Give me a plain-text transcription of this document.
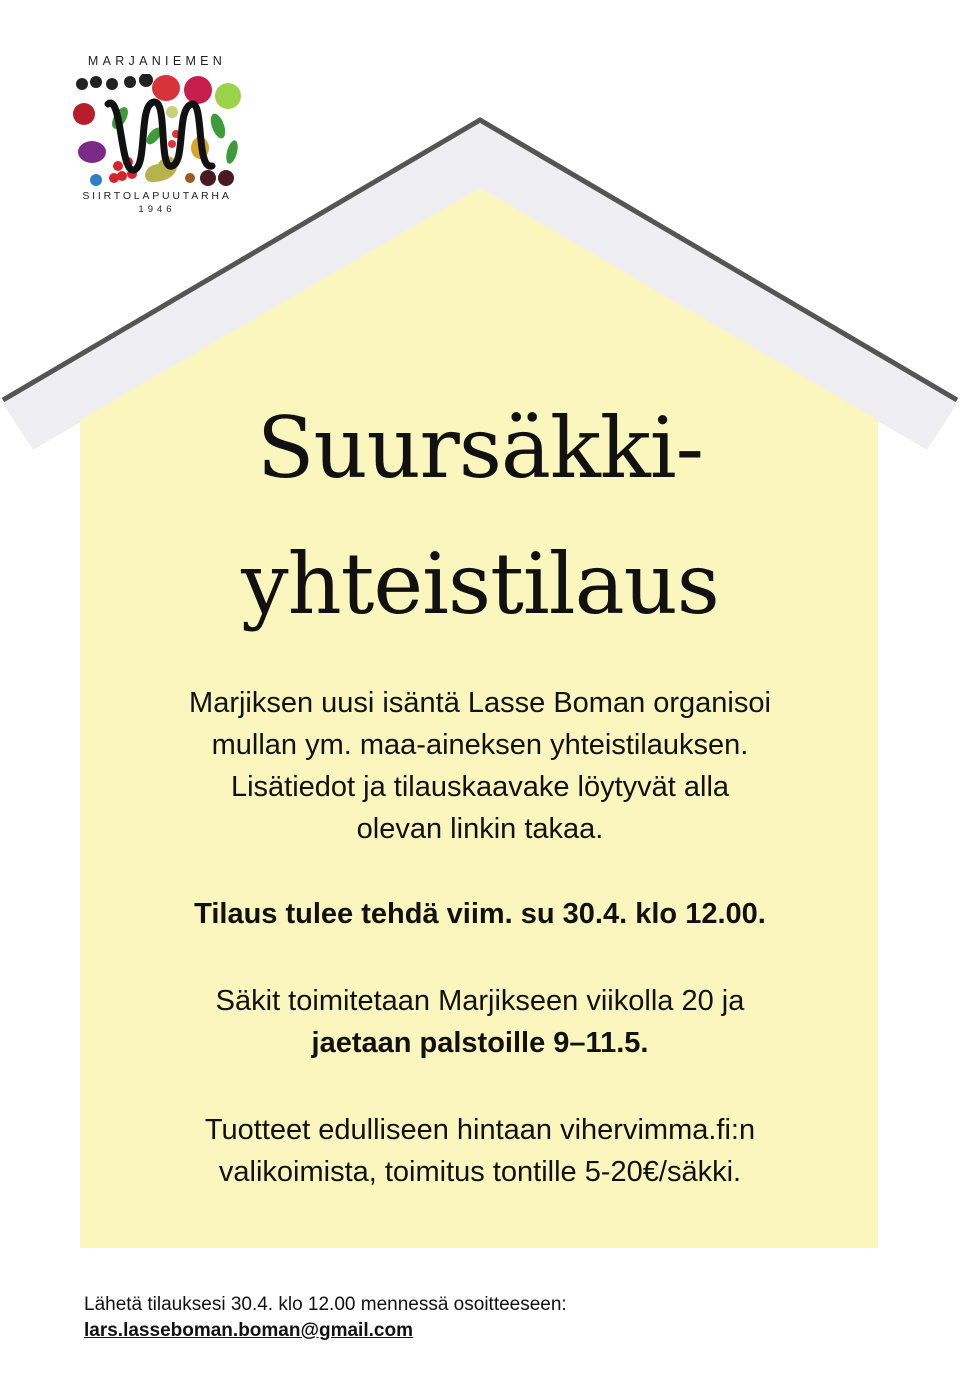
MARJANIEMEN
SIIRTOLAPUUTARHA
1946
Suursäkki-
yhteistilaus
Marjiksen uusi isäntä Lasse Boman organisoi
mullan ym. maa-aineksen yhteistilauksen.
Lisätiedot ja tilauskaavake löytyvät alla
olevan linkin takaa.
Tilaus tulee tehdä viim. su 30.4. klo 12.00.
Säkit toimitetaan Marjikseen viikolla 20 ja
jaetaan palstoille 9–11.5.
Tuotteet edulliseen hintaan vihervimma.fi:n
valikoimista, toimitus tontille 5-20€/säkki.
Lähetä tilauksesi 30.4. klo 12.00 mennessä osoitteeseen:
lars.lasseboman.boman@gmail.com
